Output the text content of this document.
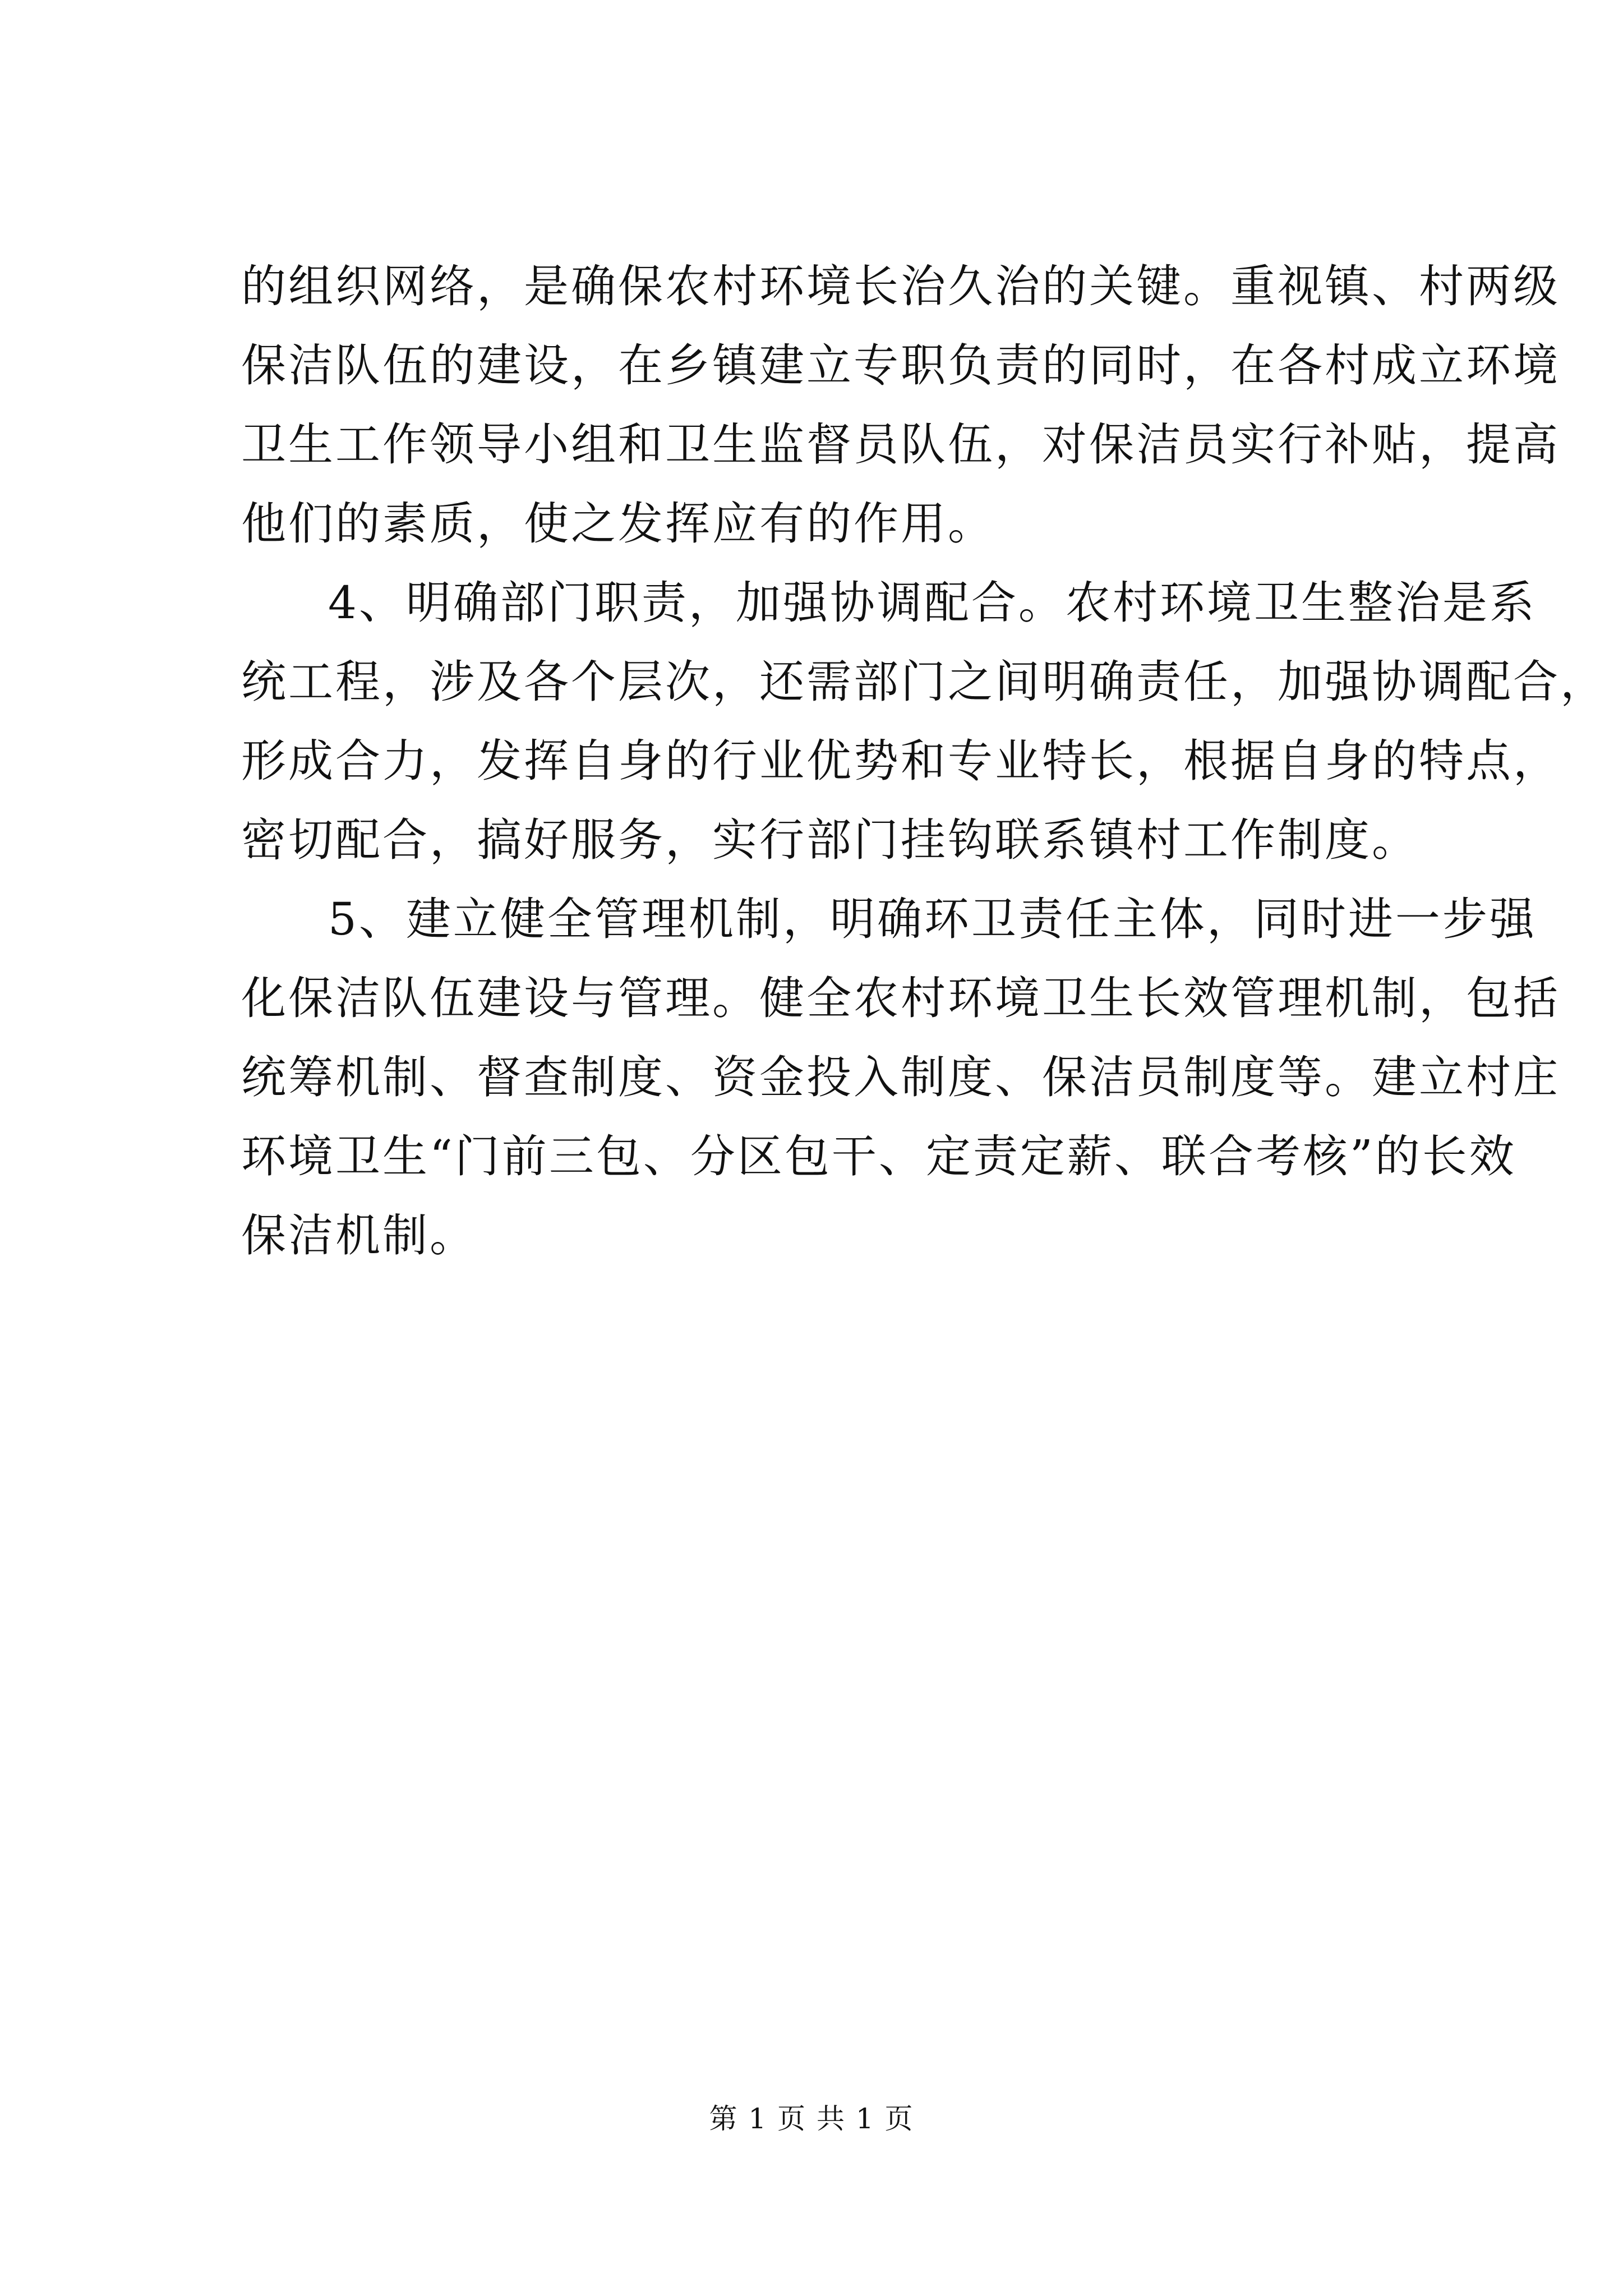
的组织网络，是确保农村环境长治久治的关键。重视镇、村两级
保洁队伍的建设，在乡镇建立专职负责的同时，在各村成立环境
卫生工作领导小组和卫生监督员队伍，对保洁员实行补贴，提高
他们的素质，使之发挥应有的作用。
4、明确部门职责，加强协调配合。农村环境卫生整治是系
统工程，涉及各个层次，还需部门之间明确责任，加强协调配合，
形成合力，发挥自身的行业优势和专业特长，根据自身的特点，
密切配合，搞好服务，实行部门挂钩联系镇村工作制度。
5、建立健全管理机制，明确环卫责任主体，同时进一步强
化保洁队伍建设与管理。健全农村环境卫生长效管理机制，包括
统筹机制、督查制度、资金投入制度、保洁员制度等。建立村庄
环境卫生“门前三包、分区包干、定责定薪、联合考核”的长效
保洁机制。
第 1 页 共 1 页
